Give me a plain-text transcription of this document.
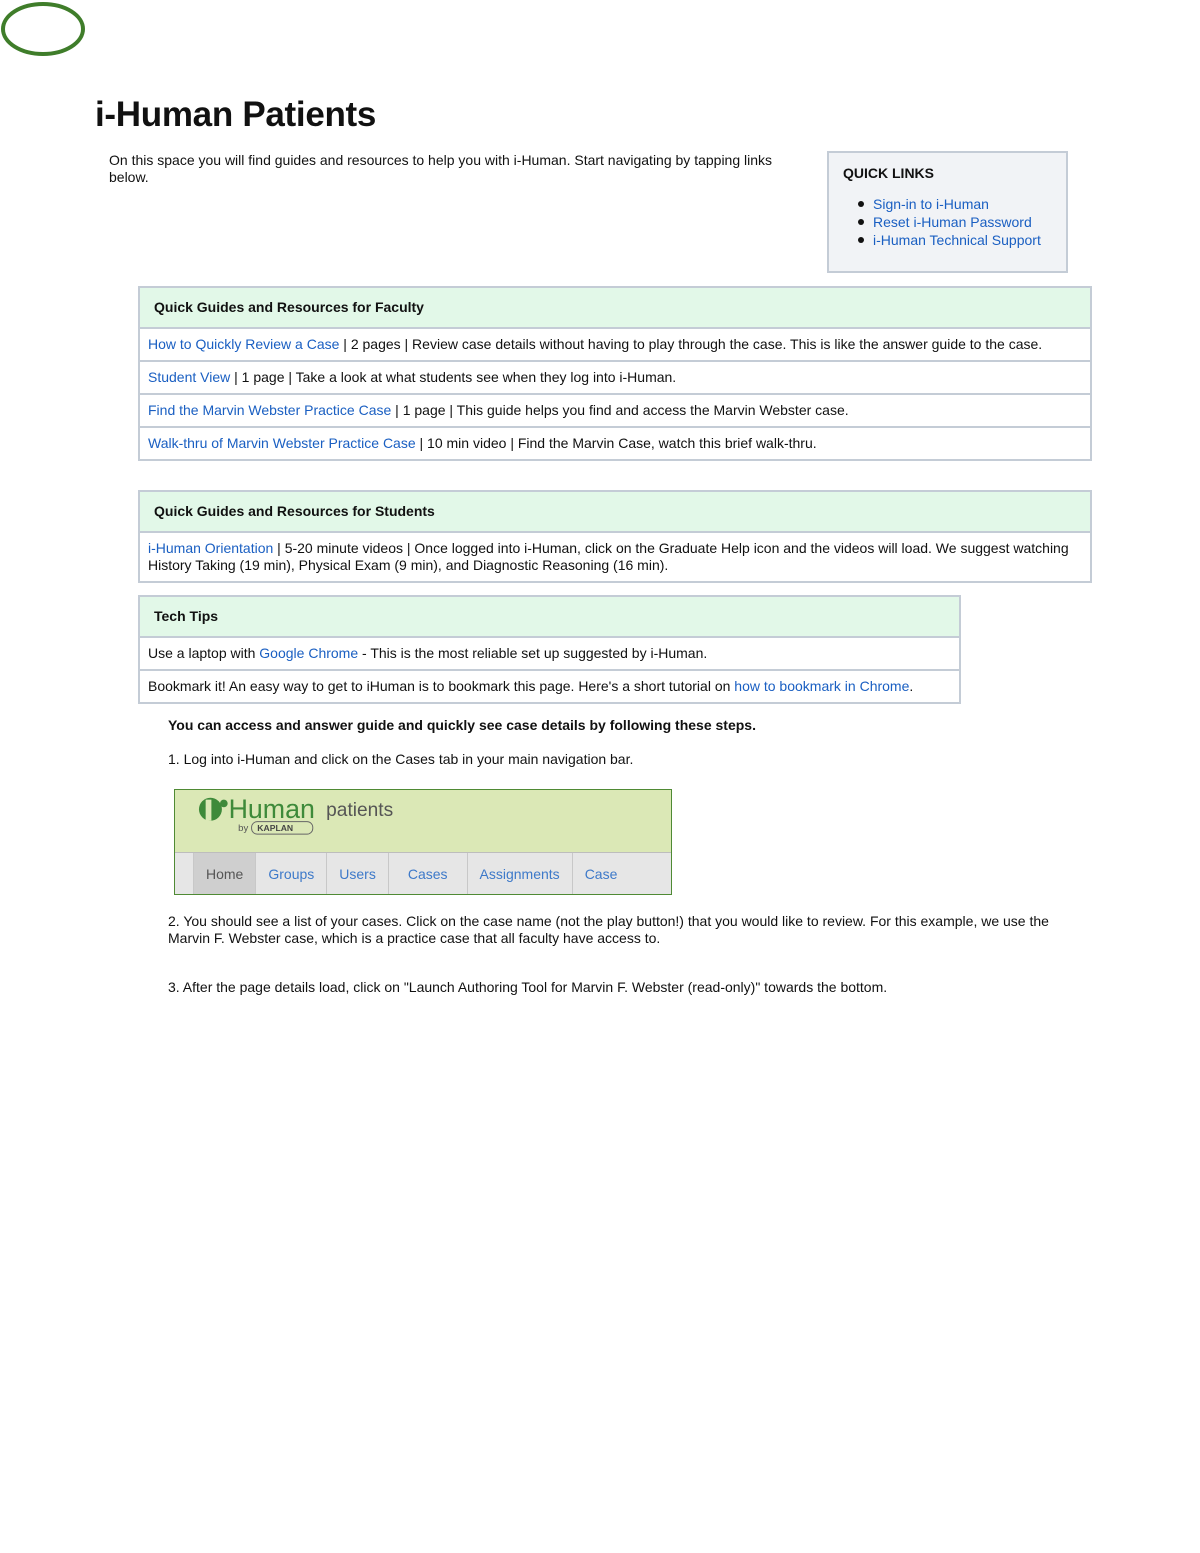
i-Human Patients
On this space you will find guides and resources to help you with i-Human. Start navigating by tapping links below.	QUICK LINKS
Sign-in to i-Human
Reset i-Human Password
i-Human Technical Support
Quick Guides and Resources for Faculty
How to Quickly Review a Case | 2 pages | Review case details without having to play through the case. This is like the answer guide to the case.
Student View | 1 page | Take a look at what students see when they log into i-Human.
Find the Marvin Webster Practice Case | 1 page | This guide helps you find and access the Marvin Webster case.
Walk-thru of Marvin Webster Practice Case | 10 min video | Find the Marvin Case, watch this brief walk-thru.
Quick Guides and Resources for Students
i-Human Orientation | 5-20 minute videos | Once logged into i-Human, click on the Graduate Help icon and the videos will load. We suggest watching History Taking (19 min), Physical Exam (9 min), and Diagnostic Reasoning (16 min).
Tech Tips
Use a laptop with Google Chrome - This is the most reliable set up suggested by i-Human.
Bookmark it! An easy way to get to iHuman is to bookmark this page. Here's a short tutorial on how to bookmark in Chrome.
You can access and answer guide and quickly see case details by following these steps.
1. Log into i-Human and click on the Cases tab in your main navigation bar.
Human patients
by KAPLAN
Home	Groups	Users	Cases	Assignments	Case
2. You should see a list of your cases. Click on the case name (not the play button!) that you would like to review. For this example, we use the Marvin F. Webster case, which is a practice case that all faculty have access to.
3. After the page details load, click on "Launch Authoring Tool for Marvin F. Webster (read-only)" towards the bottom.
